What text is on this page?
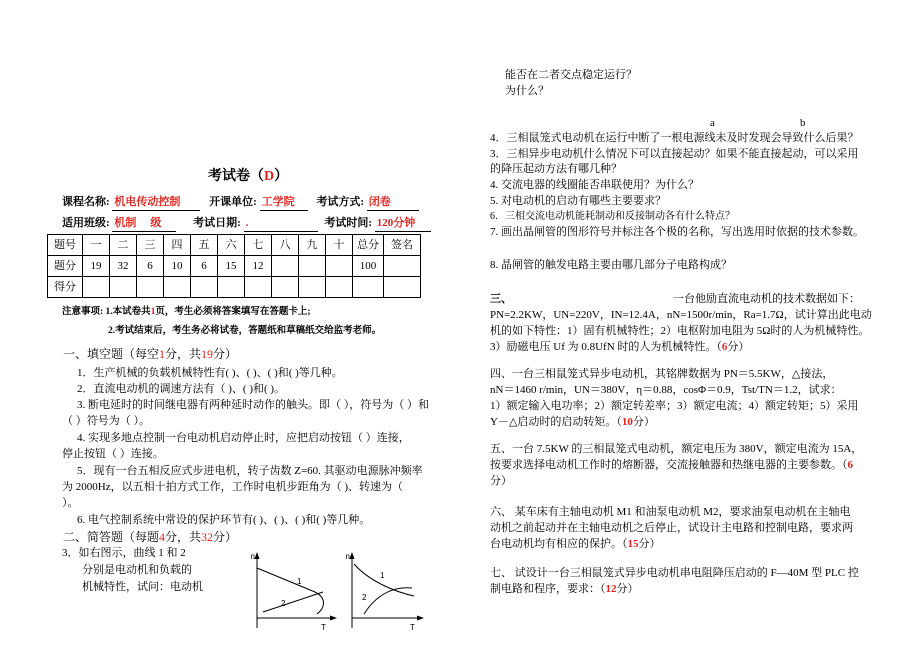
考试卷（D）
课程名称: 机电传动控制	开课单位: 工学院 考试方式: 闭卷
适用班级: 机制 级	考试日期: .	考试时间: 120分钟
题号	一	二	三	四	五	六	七	八	九	十	总分	签名
题分	19	32	6	10	6	15	12				100	
得分												
注意事项: 1.本试卷共1页，考生必须将答案填写在答题卡上;
2.考试结束后，考生务必将试卷，答题纸和草稿纸交给监考老师。
一、填空题（每空1分，共19分）
1．生产机械的负载机械特性有( )、( )、( )和( )等几种。
2．直流电动机的调速方法有（ )、( )和( )。
3. 断电延时的时间继电器有两种延时动作的触头。即（ ），符号为（ ）和
（ ）符号为（ ）。
4. 实现多地点控制一台电动机启动停止时，应把启动按钮（ ）连接，
停止按钮（ ）连接。
5．现有一台五相反应式步进电机，转子齿数 Z=60. 其驱动电源脉冲频率
为 2000Hz，以五相十拍方式工作，工作时电机步距角为（ )、转速为（
）。
6. 电气控制系统中常设的保护环节有( )、( )、( )和( )等几种。
二、简答题（每题4分，共32分）
3．如右图示，曲线 1 和 2
分别是电动机和负载的
机械特性，试问：电动机
n
T
1
2
n
T
1
2
能否在二者交点稳定运行？
为什么？
a	b
4．三相鼠笼式电动机在运行中断了一根电源线未及时发现会导致什么后果？
3．三相异步电动机什么情况下可以直接起动？如果不能直接起动，可以采用
的降压起动方法有哪几种？
4. 交流电器的线圈能否串联使用？为什么？
5. 对电动机的启动有哪些主要要求？
6．三相交流电动机能耗制动和反接制动各有什么特点？
7. 画出晶闸管的图形符号并标注各个极的名称，写出选用时依据的技术参数。
8. 晶闸管的触发电路主要由哪几部分子电路构成？
三、	一台他励直流电动机的技术数据如下：
PN=2.2KW，UN=220V，IN=12.4A，nN=1500r/min，Ra=1.7Ω，试计算出此电动
机的如下特性：1）固有机械特性；2）电枢附加电阻为 5Ω时的人为机械特性。
3）励磁电压 Uf 为 0.8UfN 时的人为机械特性。（6分）
四、一台三相鼠笼式异步电动机，其铭牌数据为 PN＝5.5KW，△接法，
nN＝1460 r/min，UN＝380V，η＝0.88，cosΦ＝0.9，Tst/TN＝1.2，试求：
1）额定输入电功率；2）额定转差率；3）额定电流；4）额定转矩；5）采用
Y－△启动时的启动转矩。（10分）
五、一台 7.5KW 的三相鼠笼式电动机，额定电压为 380V，额定电流为 15A，
按要求选择电动机工作时的熔断器，交流接触器和热继电器的主要参数。（6
分）
六、 某车床有主轴电动机 M1 和油泵电动机 M2，要求油泵电动机在主轴电
动机之前起动并在主轴电动机之后停止，试设计主电路和控制电路，要求两
台电动机均有相应的保护。（15分）
七、 试设计一台三相鼠笼式异步电动机串电阻降压启动的 F—40M 型 PLC 控
制电路和程序，要求：（12分）
